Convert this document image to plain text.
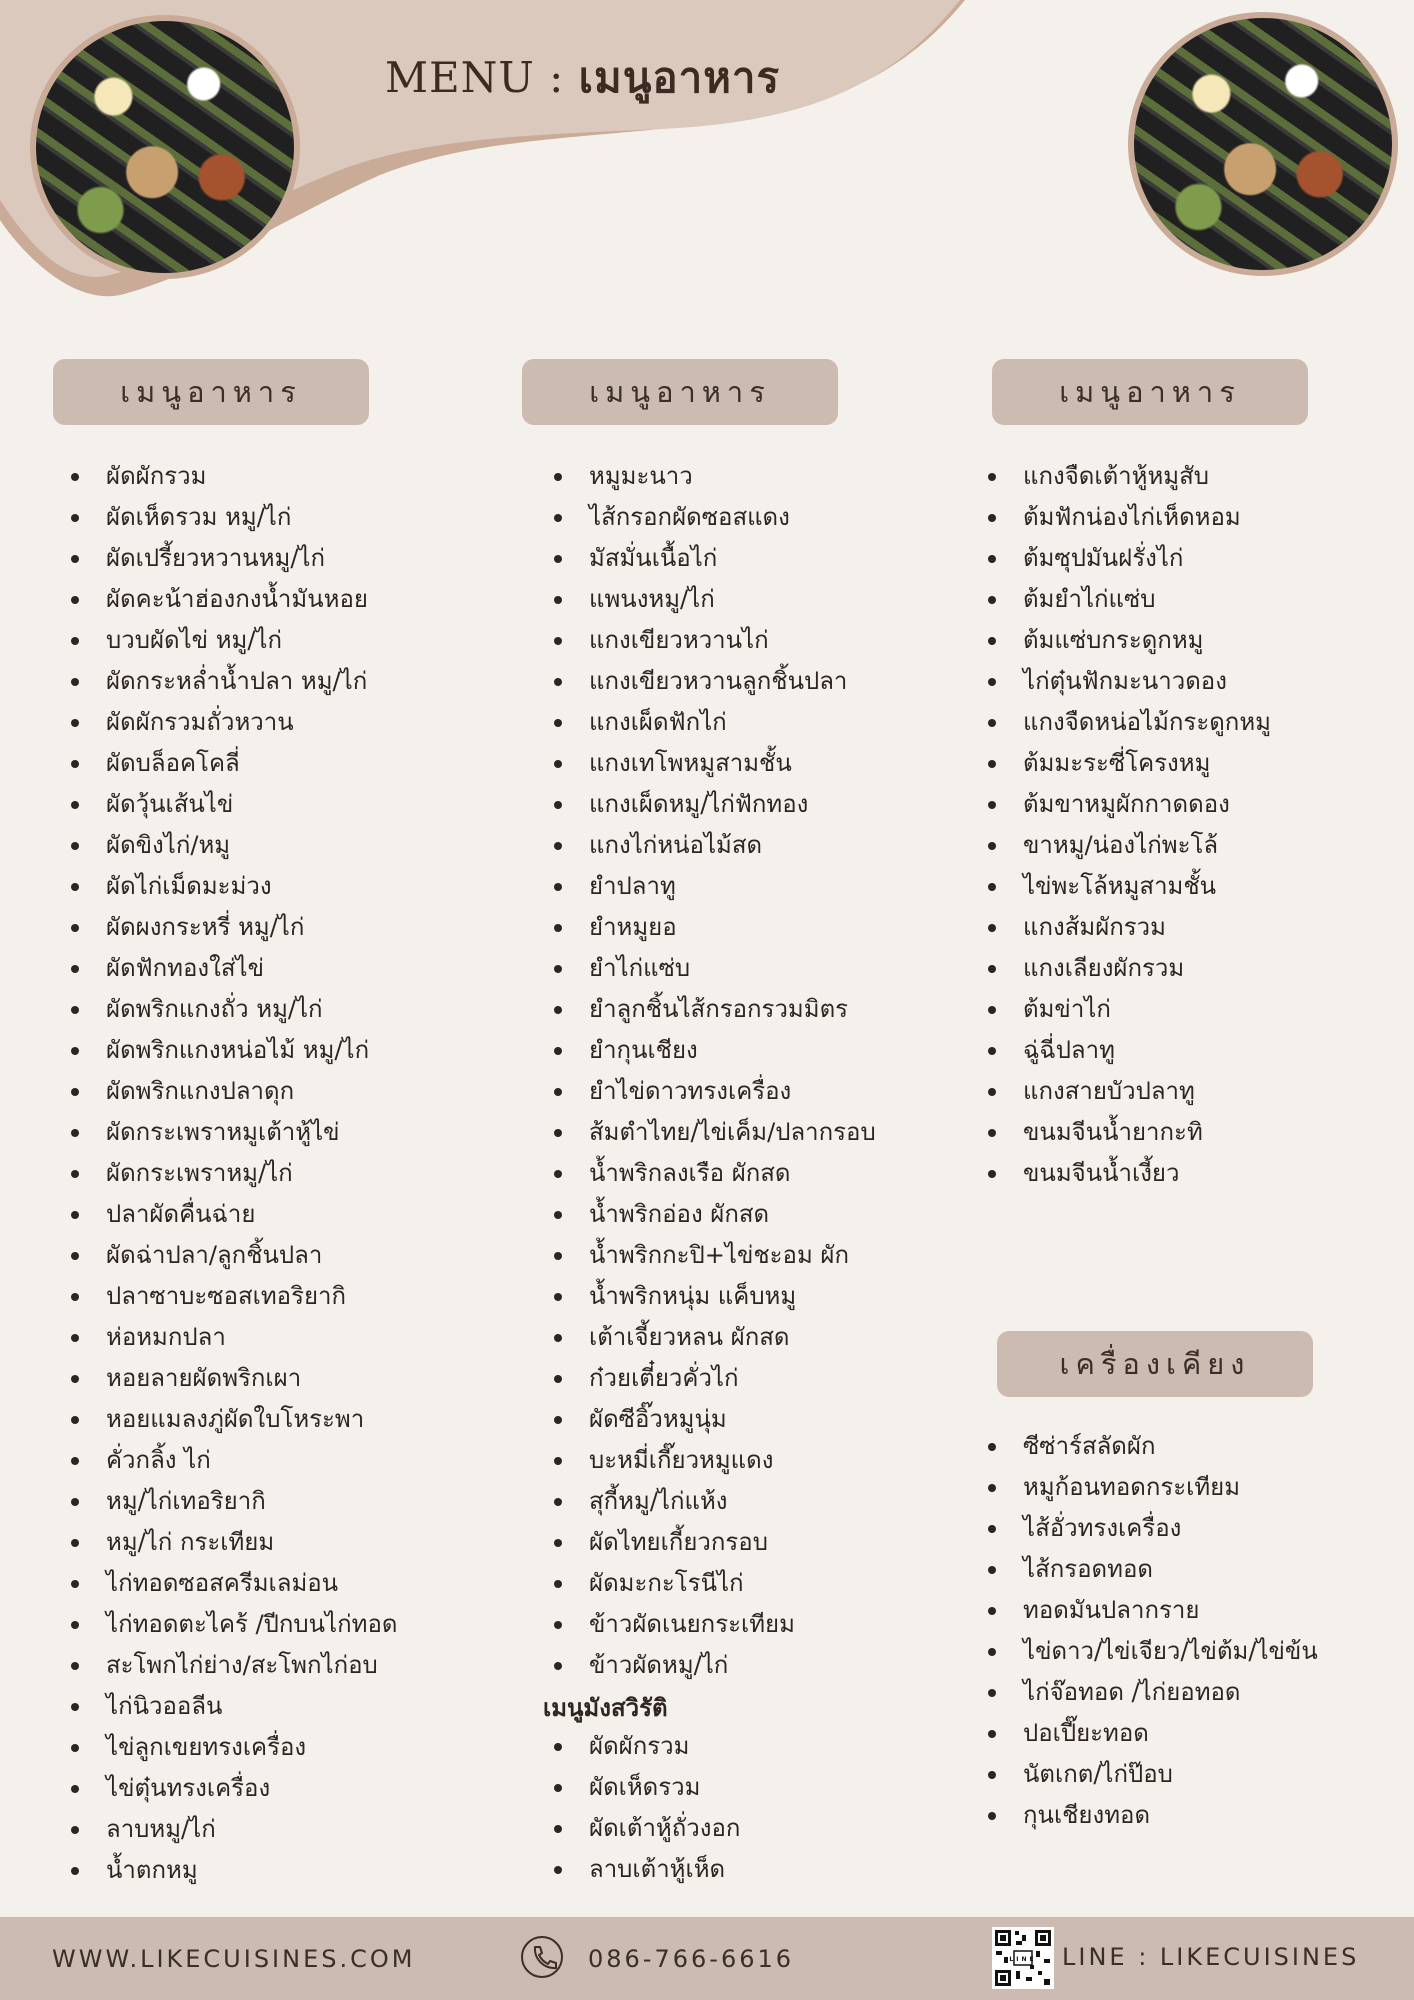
MENU : เมนูอาหาร
เมนูอาหาร
ผัดผักรวม
ผัดเห็ดรวม หมู/ไก่
ผัดเปรี้ยวหวานหมู/ไก่
ผัดคะน้าฮ่องกงน้ำมันหอย
บวบผัดไข่ หมู/ไก่
ผัดกระหล่ำน้ำปลา หมู/ไก่
ผัดผักรวมถั่วหวาน
ผัดบล็อคโคลี่
ผัดวุ้นเส้นไข่
ผัดขิงไก่/หมู
ผัดไก่เม็ดมะม่วง
ผัดผงกระหรี่ หมู/ไก่
ผัดฟักทองใส่ไข่
ผัดพริกแกงถั่ว หมู/ไก่
ผัดพริกแกงหน่อไม้ หมู/ไก่
ผัดพริกแกงปลาดุก
ผัดกระเพราหมูเต้าหู้ไข่
ผัดกระเพราหมู/ไก่
ปลาผัดคื่นฉ่าย
ผัดฉ่าปลา/ลูกชิ้นปลา
ปลาซาบะซอสเทอริยากิ
ห่อหมกปลา
หอยลายผัดพริกเผา
หอยแมลงภู่ผัดใบโหระพา
คั่วกลิ้ง ไก่
หมู/ไก่เทอริยากิ
หมู/ไก่ กระเทียม
ไก่ทอดซอสครีมเลม่อน
ไก่ทอดตะไคร้ /ปีกบนไก่ทอด
สะโพกไก่ย่าง/สะโพกไก่อบ
ไก่นิวออลีน
ไข่ลูกเขยทรงเครื่อง
ไข่ตุ๋นทรงเครื่อง
ลาบหมู/ไก่
น้ำตกหมู
เมนูอาหาร
หมูมะนาว
ไส้กรอกผัดซอสแดง
มัสมั่นเนื้อไก่
แพนงหมู/ไก่
แกงเขียวหวานไก่
แกงเขียวหวานลูกชิ้นปลา
แกงเผ็ดฟักไก่
แกงเทโพหมูสามชั้น
แกงเผ็ดหมู/ไก่ฟักทอง
แกงไก่หน่อไม้สด
ยำปลาทู
ยำหมูยอ
ยำไก่แซ่บ
ยำลูกชิ้นไส้กรอกรวมมิตร
ยำกุนเชียง
ยำไข่ดาวทรงเครื่อง
ส้มตำไทย/ไข่เค็ม/ปลากรอบ
น้ำพริกลงเรือ ผักสด
น้ำพริกอ่อง ผักสด
น้ำพริกกะปิ+ไข่ชะอม ผัก
น้ำพริกหนุ่ม แค็บหมู
เต้าเจี้ยวหลน ผักสด
ก๋วยเตี๋ยวคั่วไก่
ผัดซีอิ๊วหมูนุ่ม
บะหมี่เกี๊ยวหมูแดง
สุกี้หมู/ไก่แห้ง
ผัดไทยเกี้ยวกรอบ
ผัดมะกะโรนีไก่
ข้าวผัดเนยกระเทียม
ข้าวผัดหมู/ไก่
เมนูมังสวิรัติ
ผัดผักรวม
ผัดเห็ดรวม
ผัดเต้าหู้ถั่วงอก
ลาบเต้าหู้เห็ด
เมนูอาหาร
แกงจืดเต้าหู้หมูสับ
ต้มฟักน่องไก่เห็ดหอม
ต้มซุปมันฝรั่งไก่
ต้มยำไก่แซ่บ
ต้มแซ่บกระดูกหมู
ไก่ตุ๋นฟักมะนาวดอง
แกงจืดหน่อไม้กระดูกหมู
ต้มมะระซี่โครงหมู
ต้มขาหมูผักกาดดอง
ขาหมู/น่องไก่พะโล้
ไข่พะโล้หมูสามชั้น
แกงส้มผักรวม
แกงเลียงผักรวม
ต้มข่าไก่
ฉู่ฉี่ปลาทู
แกงสายบัวปลาทู
ขนมจีนน้ำยากะทิ
ขนมจีนน้ำเงี้ยว
เครื่องเคียง
ซีซ่าร์สลัดผัก
หมูก้อนทอดกระเทียม
ไส้อั่วทรงเครื่อง
ไส้กรอดทอด
ทอดมันปลากราย
ไข่ดาว/ไข่เจียว/ไข่ต้ม/ไข่ข้น
ไก่จ๊อทอด /ไก่ยอทอด
ปอเปี๊ยะทอด
นัตเกต/ไก่ป๊อบ
กุนเชียงทอด
WWW.LIKECUISINES.COM	086-766-6616	LINE LINE : LIKECUISINES
